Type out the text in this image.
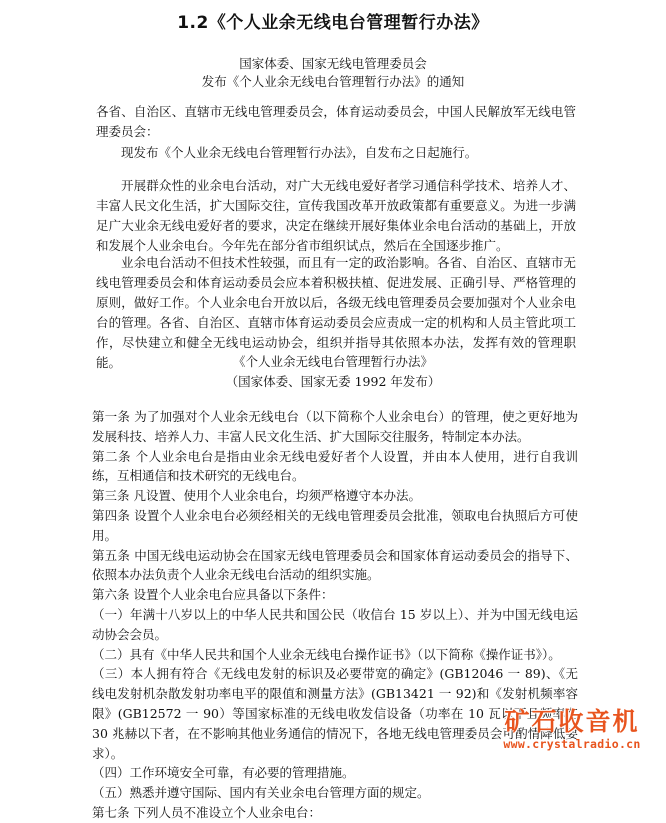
1.2《个人业余无线电台管理暂行办法》
国家体委、国家无线电管理委员会
发布《个人业余无线电台管理暂行办法》的通知
各省、自治区、直辖市无线电管理委员会，体育运动委员会，中国人民解放军无线电管理委员会：
现发布《个人业余无线电台管理暂行办法》，自发布之日起施行。
开展群众性的业余电台活动，对广大无线电爱好者学习通信科学技术、培养人才、丰富人民文化生活，扩大国际交往，宣传我国改革开放政策都有重要意义。为进一步满足广大业余无线电爱好者的要求，决定在继续开展好集体业余电台活动的基础上，开放和发展个人业余电台。今年先在部分省市组织试点，然后在全国逐步推广。
业余电台活动不但技术性较强，而且有一定的政治影响。各省、自治区、直辖市无线电管理委员会和体育运动委员会应本着积极扶植、促进发展、正确引导、严格管理的原则，做好工作。个人业余电台开放以后，各级无线电管理委员会要加强对个人业余电台的管理。各省、自治区、直辖市体育运动委员会应责成一定的机构和人员主管此项工作，尽快建立和健全无线电运动协会，组织并指导其依照本办法，发挥有效的管理职能。	《个人业余无线电台管理暂行办法》
（国家体委、国家无委 1992 年发布）

第一条 为了加强对个人业余无线电台（以下简称个人业余电台）的管理，使之更好地为发展科技、培养人力、丰富人民文化生活、扩大国际交往服务，特制定本办法。

第二条 个人业余电台是指由业余无线电爱好者个人设置，并由本人使用，进行自我训练，互相通信和技术研究的无线电台。

第三条 凡设置、使用个人业余电台，均须严格遵守本办法。

第四条 设置个人业余电台必须经相关的无线电管理委员会批准，领取电台执照后方可使用。

第五条 中国无线电运动协会在国家无线电管理委员会和国家体育运动委员会的指导下、依照本办法负责个人业余无线电台活动的组织实施。

第六条 设置个人业余电台应具备以下条件：

（一）年满十八岁以上的中华人民共和国公民（收信台 15 岁以上）、并为中国无线电运动协会会员。

（二）具有《中华人民共和国个人业余无线电台操作证书》（以下简称《操作证书》）。

（三）本人拥有符合《无线电发射的标识及必要带宽的确定》(GB12046 一 89)、《无线电发射机杂散发射功率电平的限值和测量方法》(GB13421 一 92)和《发射机频率容限》(GB12572 一 90）等国家标准的无线电收发信设备（功率在 10 瓦以下且频率在 30 兆赫以下者，在不影响其他业务通信的情况下，各地无线电管理委员会可酌情降低要求）。

（四）工作环境安全可靠，有必要的管理措施。

（五）熟悉并遵守国际、国内有关业余电台管理方面的规定。

第七条 下列人员不准设立个人业余电台：

矿石收音机
www.crystalradio.cn
